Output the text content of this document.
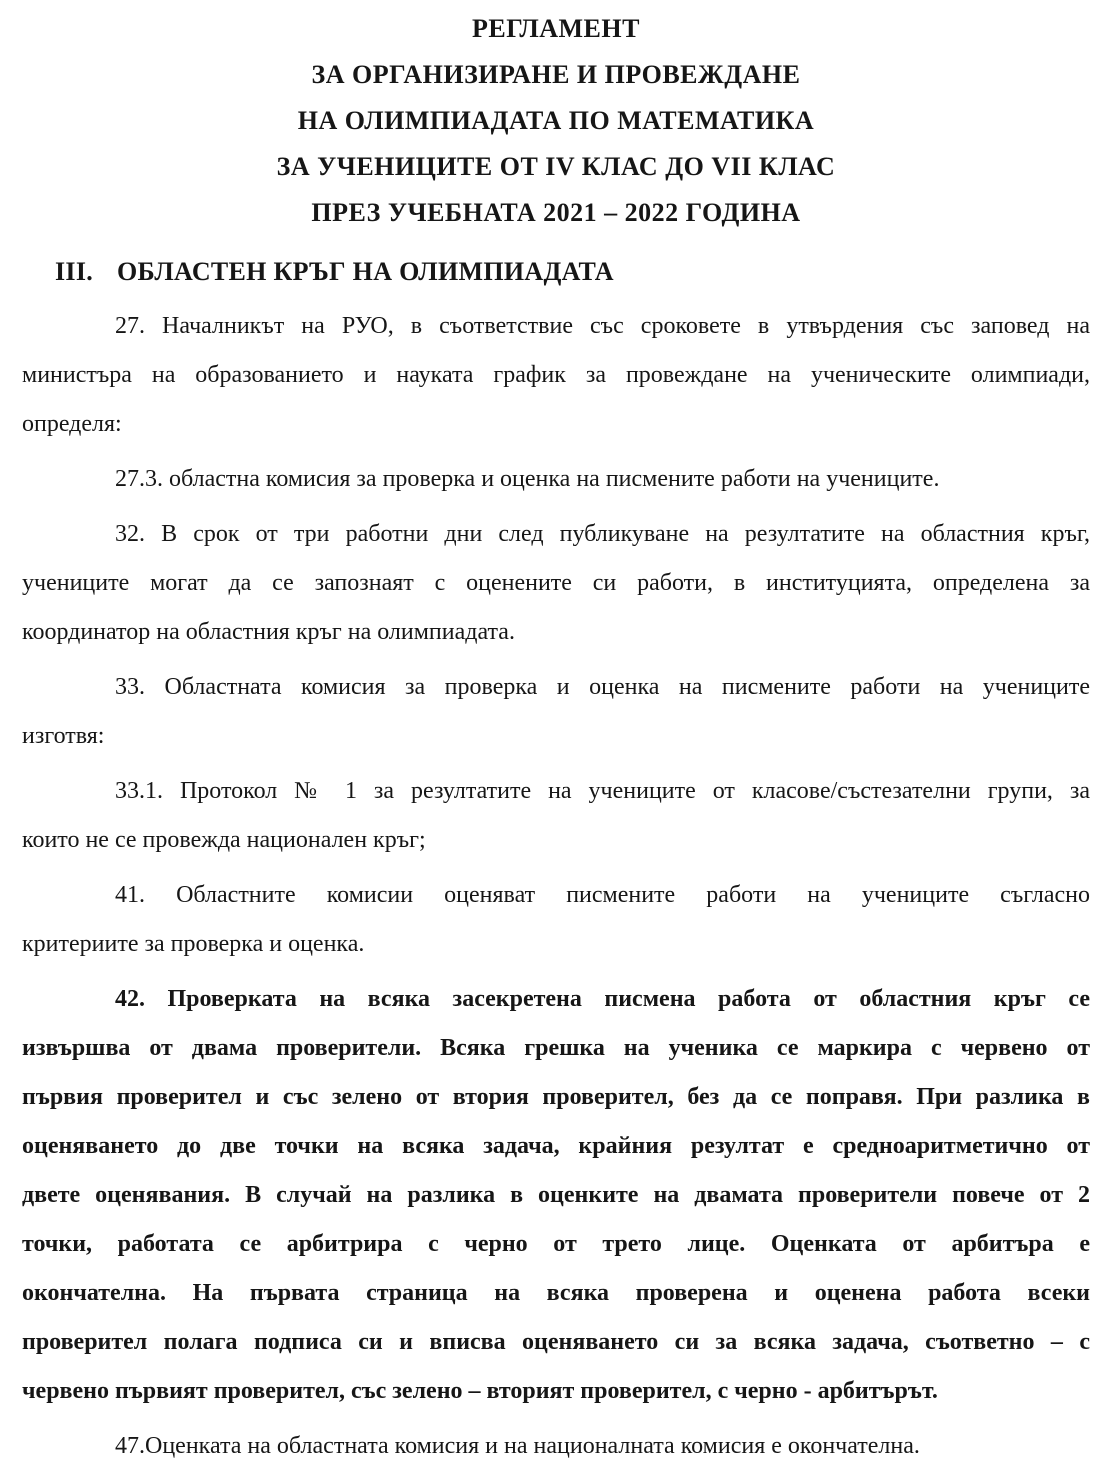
РЕГЛАМЕНТ
ЗА ОРГАНИЗИРАНЕ И ПРОВЕЖДАНЕ
НА ОЛИМПИАДАТА ПО МАТЕМАТИКА
ЗА УЧЕНИЦИТЕ ОТ IV КЛАС ДО VII КЛАС
ПРЕЗ УЧЕБНАТА 2021 – 2022 ГОДИНА
III. ОБЛАСТЕН КРЪГ НА ОЛИМПИАДАТА
27. Началникът на РУО, в съответствие със сроковете в утвърдения със заповед на
министъра на образованието и науката график за провеждане на ученическите олимпиади,
определя:
27.3. областна комисия за проверка и оценка на писмените работи на учениците.
32. В срок от три работни дни след публикуване на резултатите на областния кръг,
учениците могат да се запознаят с оценените си работи, в институцията, определена за
координатор на областния кръг на олимпиадата.
33. Областната комисия за проверка и оценка на писмените работи на учениците
изготвя:
33.1. Протокол № 1 за резултатите на учениците от класове/състезателни групи, за
които не се провежда национален кръг;
41. Областните комисии оценяват писмените работи на учениците съгласно
критериите за проверка и оценка.
42. Проверката на всяка засекретена писмена работа от областния кръг се
извършва от двама проверители. Всяка грешка на ученика се маркира с червено от
първия проверител и със зелено от втория проверител, без да се поправя. При разлика в
оценяването до две точки на всяка задача, крайния резултат е средноаритметично от
двете оценявания. В случай на разлика в оценките на двамата проверители повече от 2
точки, работата се арбитрира с черно от трето лице. Оценката от арбитъра е
окончателна. На първата страница на всяка проверена и оценена работа всеки
проверител полага подписа си и вписва оценяването си за всяка задача, съответно – с
червено първият проверител, със зелено – вторият проверител, с черно - арбитърът.
47.Оценката на областната комисия и на националната комисия е окончателна.
